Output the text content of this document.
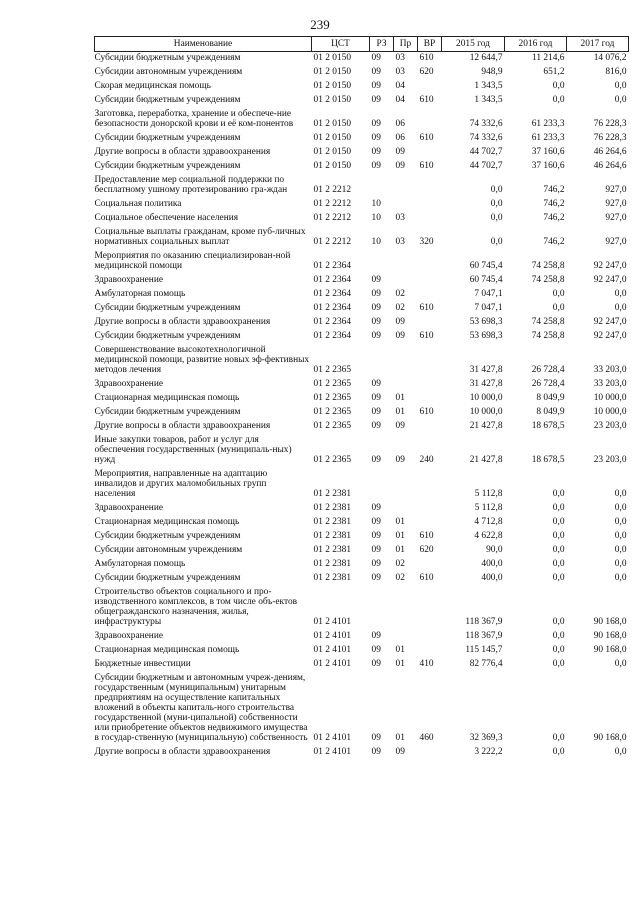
239
Наименование	ЦСТ	РЗ	Пр	ВР	2015 год	2016 год	2017 год
Субсидии бюджетным учреждениям	01 2 0150	09	03	610	12 644,7	11 214,6	14 076,2
Субсидии автономным учреждениям	01 2 0150	09	03	620	948,9	651,2	816,0
Скорая медицинская помощь	01 2 0150	09	04		1 343,5	0,0	0,0
Субсидии бюджетным учреждениям	01 2 0150	09	04	610	1 343,5	0,0	0,0
Заготовка, переработка, хранение и обеспече-ние безопасности донорской крови и её ком-понентов	01 2 0150	09	06		74 332,6	61 233,3	76 228,3
Субсидии бюджетным учреждениям	01 2 0150	09	06	610	74 332,6	61 233,3	76 228,3
Другие вопросы в области здравоохранения	01 2 0150	09	09		44 702,7	37 160,6	46 264,6
Субсидии бюджетным учреждениям	01 2 0150	09	09	610	44 702,7	37 160,6	46 264,6
Предоставление мер социальной поддержки по бесплатному ушному протезированию гра-ждан	01 2 2212				0,0	746,2	927,0
Социальная политика	01 2 2212	10			0,0	746,2	927,0
Социальное обеспечение населения	01 2 2212	10	03		0,0	746,2	927,0
Социальные выплаты гражданам, кроме пуб-личных нормативных социальных выплат	01 2 2212	10	03	320	0,0	746,2	927,0
Мероприятия по оказанию специализирован-ной медицинской помощи	01 2 2364				60 745,4	74 258,8	92 247,0
Здравоохранение	01 2 2364	09			60 745,4	74 258,8	92 247,0
Амбулаторная помощь	01 2 2364	09	02		7 047,1	0,0	0,0
Субсидии бюджетным учреждениям	01 2 2364	09	02	610	7 047,1	0,0	0,0
Другие вопросы в области здравоохранения	01 2 2364	09	09		53 698,3	74 258,8	92 247,0
Субсидии бюджетным учреждениям	01 2 2364	09	09	610	53 698,3	74 258,8	92 247,0
Совершенствование высокотехнологичной медицинской помощи, развитие новых эф-фективных методов лечения	01 2 2365				31 427,8	26 728,4	33 203,0
Здравоохранение	01 2 2365	09			31 427,8	26 728,4	33 203,0
Стационарная медицинская помощь	01 2 2365	09	01		10 000,0	8 049,9	10 000,0
Субсидии бюджетным учреждениям	01 2 2365	09	01	610	10 000,0	8 049,9	10 000,0
Другие вопросы в области здравоохранения	01 2 2365	09	09		21 427,8	18 678,5	23 203,0
Иные закупки товаров, работ и услуг для обеспечения государственных (муниципаль-ных) нужд	01 2 2365	09	09	240	21 427,8	18 678,5	23 203,0
Мероприятия, направленные на адаптацию инвалидов и других маломобильных групп населения	01 2 2381				5 112,8	0,0	0,0
Здравоохранение	01 2 2381	09			5 112,8	0,0	0,0
Стационарная медицинская помощь	01 2 2381	09	01		4 712,8	0,0	0,0
Субсидии бюджетным учреждениям	01 2 2381	09	01	610	4 622,8	0,0	0,0
Субсидии автономным учреждениям	01 2 2381	09	01	620	90,0	0,0	0,0
Амбулаторная помощь	01 2 2381	09	02		400,0	0,0	0,0
Субсидии бюджетным учреждениям	01 2 2381	09	02	610	400,0	0,0	0,0
Строительство объектов социального и про-изводственного комплексов, в том числе объ-ектов общегражданского назначения, жилья, инфраструктуры	01 2 4101				118 367,9	0,0	90 168,0
Здравоохранение	01 2 4101	09			118 367,9	0,0	90 168,0
Стационарная медицинская помощь	01 2 4101	09	01		115 145,7	0,0	90 168,0
Бюджетные инвестиции	01 2 4101	09	01	410	82 776,4	0,0	0,0
Субсидии бюджетным и автономным учреж-дениям, государственным (муниципальным) унитарным предприятиям на осуществление капитальных вложений в объекты капиталь-ного строительства государственной (муни-ципальной) собственности или приобретение объектов недвижимого имущества в государ-ственную (муниципальную) собственность	01 2 4101	09	01	460	32 369,3	0,0	90 168,0
Другие вопросы в области здравоохранения	01 2 4101	09	09		3 222,2	0,0	0,0
